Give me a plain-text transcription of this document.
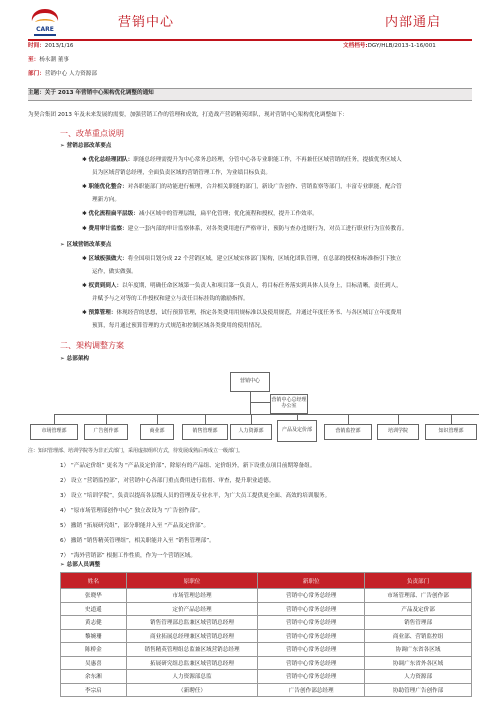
CARE	营销中心	内部通启
时间：2013/1/16	文档档号:DGY/HLB/2013-1-16/001
至：杨永潮 董事
部门：营销中心 人力资源部
主题：关于 2013 年营销中心架构优化调整的通知
为契合集团 2013 年及未来发展的需要，加强营销工作的管理和成效，打造战产营销精英团队，现对营销中心架构优化调整如下：
一、改革重点说明
➢ 营销总部改革要点
✱ 优化总经理团队：职能总经理需提升为中心常务总经理，分管中心各专业职能工作，不再兼任区域营销的任务，提拔优秀区域人
员为区域营销总经理，全面负责区域的营销管理工作，为业绩目标负责。
✱ 职能优化整合：对各职能部门的功能进行梳理，合并相关职能的部门，新设广告创作、营销监察等部门，丰富专业职能，配合管
理新方向。
✱ 优化流程扁平层级：减小区域中的管理层级，扁平化管理；优化流程和授权，提升工作效率。
✱ 费用审计监察：建立一套内部的审计监察体系，对各类费用进行严格审计，预防与查办违规行为，对员工进行职业行为宣传教育。
➢ 区域营销改革要点
✱ 区域板强做大：将全国项目划分成 22 个营销区域，建立区域实体部门架构，区域化团队管理，在总部的授权和标准指引下独立
运作，做实做强。
✱ 权责到到人：以年度期，明确任命区域第一负责人和项目第一负责人，将目标任务落实到具体人员身上，目标清晰，责任到人，
并赋予与之对等的工作授权和建立与责任目标挂钩的激励指挥。
✱ 预算管理：体现经营的思想，试行预算管理，指定各类费用用规标准以及使用规范，并通过年度任务书、与各区域订立年度费用
预算，每月通过预算管理的方式规范和控制区域各类费用的使用情况。
二、架构调整方案
➢ 总部架构
营销中心
营销中心总经理办公室
市场管理部	广告创作部	商业部	销售管理部	人力资源部	产品及定价部	营销监控部	培训学院	知识管理部
注：知识管理部、培训学院等为非正式部门，采用虚拟组织方式，待发展成熟后再成立一级部门。
1） “产品定价组” 更名为 “产品及定价部”，除原有的产品组、定价组外，新下设重点项目前期筹备组。
2） 设立 “营销监控部”，对营销中心各部门重点费用进行监督、审查，提升职业道德。
3） 设立 “培训学院”，负责以提高各层级人员的管理及专业水平，为广大员工提供更全面、高效的培训服务。
4） “原市场管理部创作中心” 独立改设为 “广告创作部”。
5） 撤销 “拓展研究组”，部分职能并入至 “产品及定价部”。
6） 撤销 “销售精英管理组”，相关职能并入至 “销售管理部”。
7） “海外营销部” 根据工作性质，作为一个营销区域。
➢ 总部人员调整
姓名	原职位	新职位	负责部门
张晓华	市场管理总经理	营销中心常务总经理	市场管理部、广告创作部
史道遥	定价产品总经理	营销中心常务总经理	产品及定价部
黄志健	销售管理部总监兼区域营销总经理	营销中心常务总经理	销售管理部
黎婉珊	商业拓展总经理兼区域营销总经理	营销中心常务总经理	商业部、营销监控组
陈桥金	销售精英管理组总监兼区域营销总经理	营销中心常务总经理	协调广东省各区域
吴惠喜	拓展研究组总监兼区域营销总经理	营销中心常务总经理	协调广东省外各区域
余东湘	人力资源部总监	营销中心常务总经理	人力资源部
李宗启	（新聘任）	广告创作部总经理	协助管理广告创作部
